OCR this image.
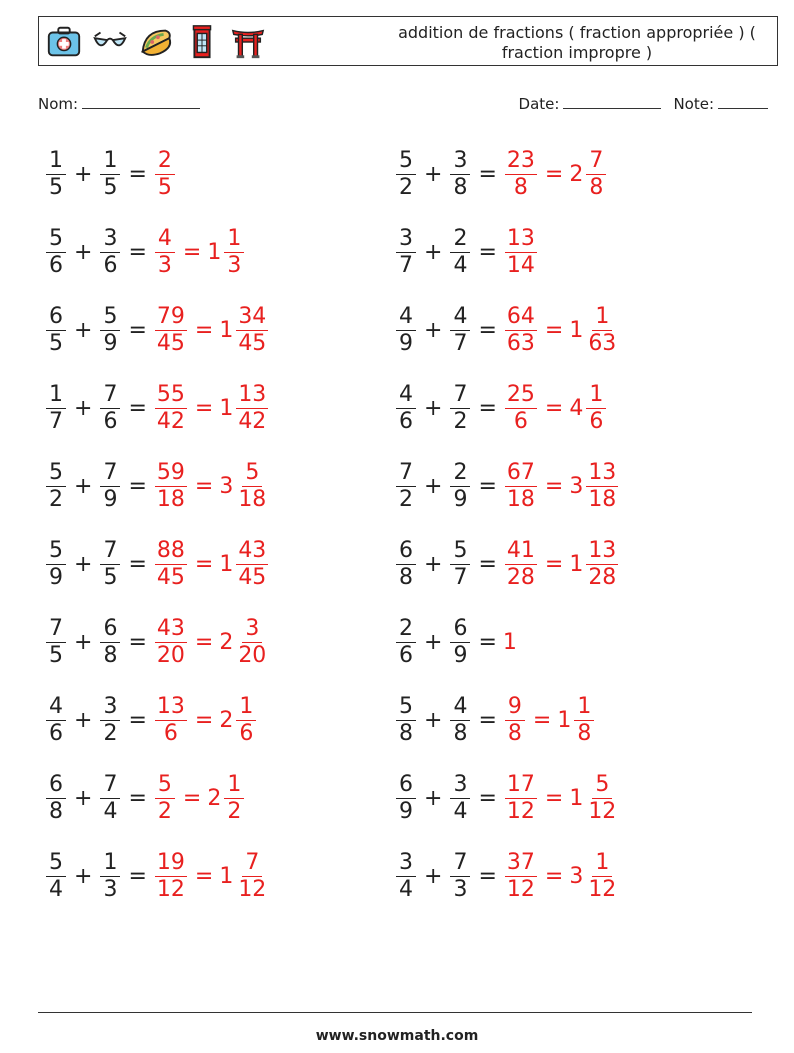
addition de fractions ( fraction appropriée ) ( fraction impropre )
Nom:	Date:	Note:
$\frac{1}{5} + \frac{1}{5} = \frac{2}{5}$	$\frac{5}{2} + \frac{3}{8} = \frac{23}{8} = 2 \frac{7}{8}$
$\frac{5}{6} + \frac{3}{6} = \frac{4}{3} = 1 \frac{1}{3}$	$\frac{3}{7} + \frac{2}{4} = \frac{13}{14}$
$\frac{6}{5} + \frac{5}{9} = \frac{79}{45} = 1 \frac{34}{45}$	$\frac{4}{9} + \frac{4}{7} = \frac{64}{63} = 1 \frac{1}{63}$
$\frac{1}{7} + \frac{7}{6} = \frac{55}{42} = 1 \frac{13}{42}$	$\frac{4}{6} + \frac{7}{2} = \frac{25}{6} = 4 \frac{1}{6}$
$\frac{5}{2} + \frac{7}{9} = \frac{59}{18} = 3 \frac{5}{18}$	$\frac{7}{2} + \frac{2}{9} = \frac{67}{18} = 3 \frac{13}{18}$
$\frac{5}{9} + \frac{7}{5} = \frac{88}{45} = 1 \frac{43}{45}$	$\frac{6}{8} + \frac{5}{7} = \frac{41}{28} = 1 \frac{13}{28}$
$\frac{7}{5} + \frac{6}{8} = \frac{43}{20} = 2 \frac{3}{20}$	$\frac{2}{6} + \frac{6}{9} = 1$
$\frac{4}{6} + \frac{3}{2} = \frac{13}{6} = 2 \frac{1}{6}$	$\frac{5}{8} + \frac{4}{8} = \frac{9}{8} = 1 \frac{1}{8}$
$\frac{6}{8} + \frac{7}{4} = \frac{5}{2} = 2 \frac{1}{2}$	$\frac{6}{9} + \frac{3}{4} = \frac{17}{12} = 1 \frac{5}{12}$
$\frac{5}{4} + \frac{1}{3} = \frac{19}{12} = 1 \frac{7}{12}$	$\frac{3}{4} + \frac{7}{3} = \frac{37}{12} = 3 \frac{1}{12}$
www.snowmath.com
